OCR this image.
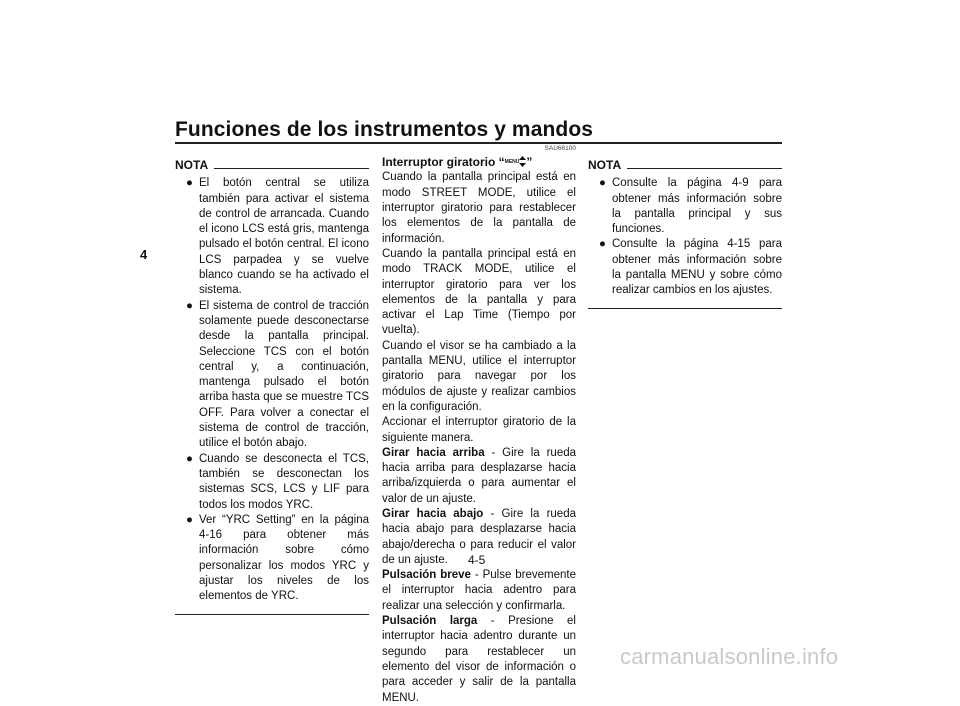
Funciones de los instrumentos y mandos
4
NOTA
● El botón central se utiliza también para activar el sistema de control de arrancada. Cuando el icono LCS está gris, mantenga pulsado el botón central. El icono LCS parpadea y se vuelve blanco cuando se ha activado el sistema.
● El sistema de control de tracción solamente puede desconectarse desde la pantalla principal. Seleccione TCS con el botón central y, a continuación, mantenga pulsado el botón arriba hasta que se muestre TCS OFF. Para volver a conectar el sistema de control de tracción, utilice el botón abajo.
● Cuando se desconecta el TCS, también se desconectan los sistemas SCS, LCS y LIF para todos los modos YRC.
● Ver “YRC Setting” en la página 4-16 para obtener más información sobre cómo personalizar los modos YRC y ajustar los niveles de los elementos de YRC.
SAU66100
Interruptor giratorio “MENU ”
Cuando la pantalla principal está en modo STREET MODE, utilice el interruptor giratorio para restablecer los elementos de la pantalla de información.
Cuando la pantalla principal está en modo TRACK MODE, utilice el interruptor giratorio para ver los elementos de la pantalla y para activar el Lap Time (Tiempo por vuelta).
Cuando el visor se ha cambiado a la pantalla MENU, utilice el interruptor giratorio para navegar por los módulos de ajuste y realizar cambios en la configuración.
Accionar el interruptor giratorio de la siguiente manera.
Girar hacia arriba - Gire la rueda hacia arriba para desplazarse hacia arriba/izquierda o para aumentar el valor de un ajuste.
Girar hacia abajo - Gire la rueda hacia abajo para desplazarse hacia abajo/derecha o para reducir el valor de un ajuste.
Pulsación breve - Pulse brevemente el interruptor hacia adentro para realizar una selección y confirmarla.
Pulsación larga - Presione el interruptor hacia adentro durante un segundo para restablecer un elemento del visor de información o para acceder y salir de la pantalla MENU.
NOTA
● Consulte la página 4-9 para obtener más información sobre la pantalla principal y sus funciones.
● Consulte la página 4-15 para obtener más información sobre la pantalla MENU y sobre cómo realizar cambios en los ajustes.
4-5
carmanualsonline.info
